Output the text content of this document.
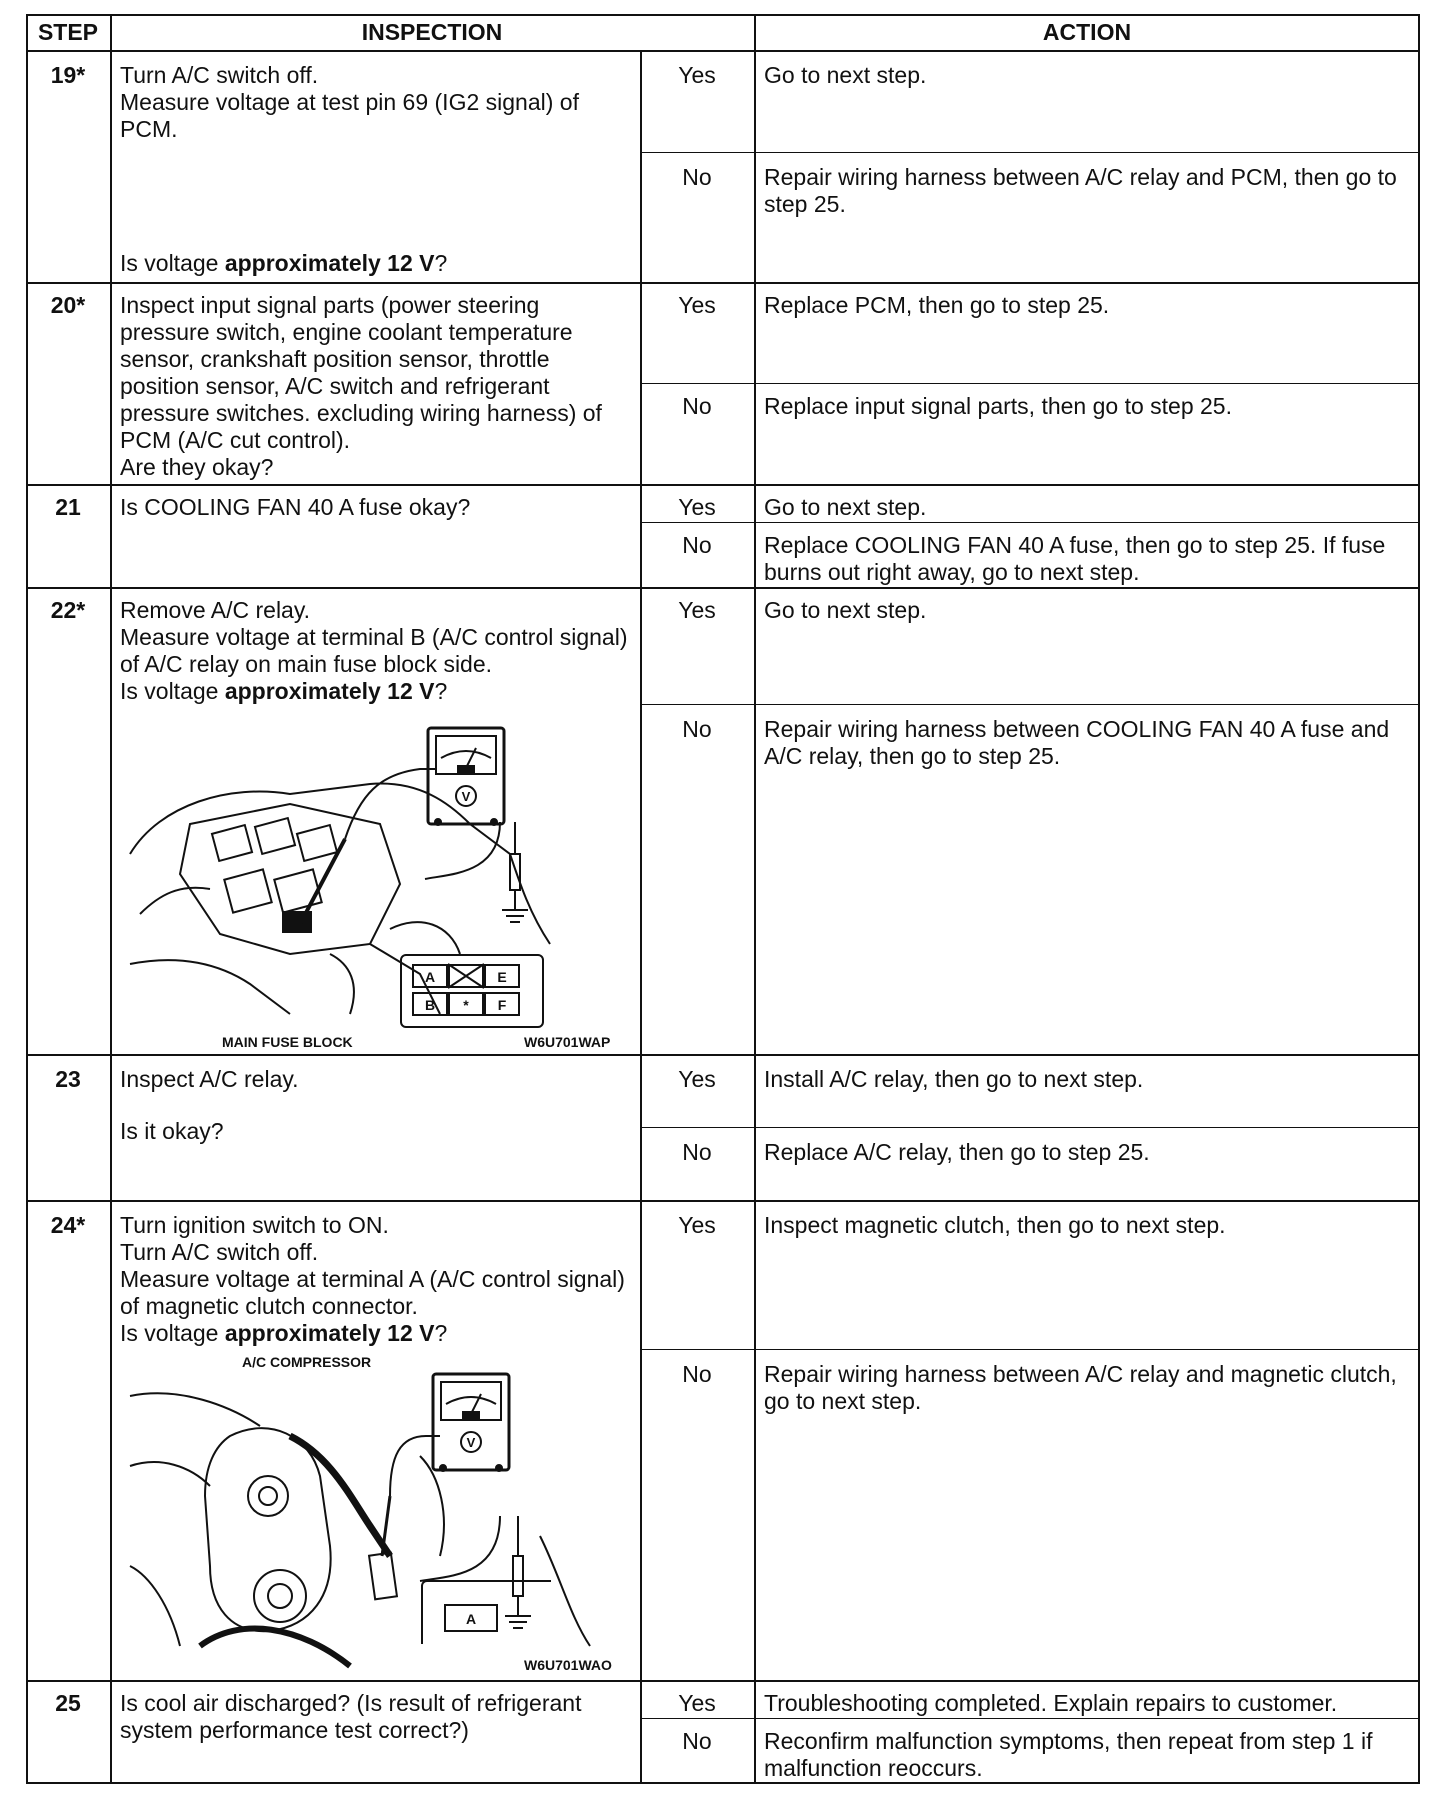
STEP	INSPECTION	ACTION
19*	Turn A/C switch off.
Measure voltage at test pin 69 (IG2 signal) of PCM.
Is voltage approximately 12 V?
Yes	Go to next step.
No	Repair wiring harness between A/C relay and PCM, then go to step 25.
20*	Inspect input signal parts (power steering pressure switch, engine coolant temperature sensor, crankshaft position sensor, throttle position sensor, A/C switch and refrigerant pressure switches. excluding wiring harness) of PCM (A/C cut control).
Are they okay?
Yes	Replace PCM, then go to step 25.
No	Replace input signal parts, then go to step 25.
21	Is COOLING FAN 40 A fuse okay?	Yes	Go to next step.
No	Replace COOLING FAN 40 A fuse, then go to step 25. If fuse burns out right away, go to next step.
22*	Remove A/C relay.
Measure voltage at terminal B (A/C control signal) of A/C relay on main fuse block side.
Is voltage approximately 12 V?
Yes	Go to next step.
No	Repair wiring harness between COOLING FAN 40 A fuse and A/C relay, then go to step 25.
V
A	E
B	*	F
MAIN FUSE BLOCK	W6U701WAP
23	Inspect A/C relay.
Is it okay?
Yes	Install A/C relay, then go to next step.
No	Replace A/C relay, then go to step 25.
24*	Turn ignition switch to ON.
Turn A/C switch off.
Measure voltage at terminal A (A/C control signal) of magnetic clutch connector.
Is voltage approximately 12 V?
Yes	Inspect magnetic clutch, then go to next step.
No	Repair wiring harness between A/C relay and magnetic clutch, go to next step.
A/C COMPRESSOR
V
A
W6U701WAO
25	Is cool air discharged? (Is result of refrigerant system performance test correct?)
Yes	Troubleshooting completed. Explain repairs to customer.
No	Reconfirm malfunction symptoms, then repeat from step 1 if malfunction reoccurs.
